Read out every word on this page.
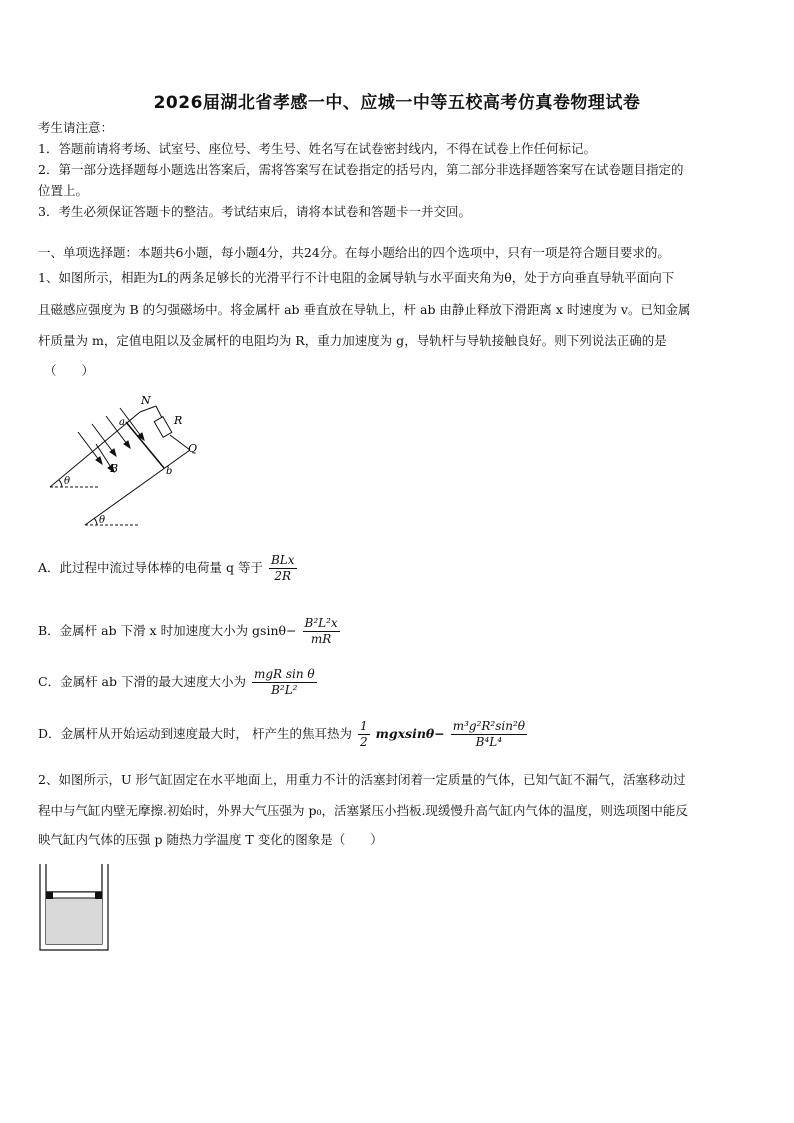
2026届湖北省孝感一中、应城一中等五校高考仿真卷物理试卷
考生请注意：
1．答题前请将考场、试室号、座位号、考生号、姓名写在试卷密封线内，不得在试卷上作任何标记。
2．第一部分选择题每小题选出答案后，需将答案写在试卷指定的括号内，第二部分非选择题答案写在试卷题目指定的
位置上。
3．考生必须保证答题卡的整洁。考试结束后，请将本试卷和答题卡一并交回。
一、单项选择题：本题共6小题，每小题4分，共24分。在每小题给出的四个选项中，只有一项是符合题目要求的。
1、如图所示，相距为L的两条足够长的光滑平行不计电阻的金属导轨与水平面夹角为θ，处于方向垂直导轨平面向下
且磁感应强度为 B 的匀强磁场中。将金属杆 ab 垂直放在导轨上，杆 ab 由静止释放下滑距离 x 时速度为 v。已知金属
杆质量为 m，定值电阻以及金属杆的电阻均为 R，重力加速度为 g，导轨杆与导轨接触良好。则下列说法正确的是
（　　）
N
R
Q
a
b
B
θ
θ
A．此过程中流过导体棒的电荷量 q 等于 $\frac{\text{BLx}}{2R}$
B．金属杆 ab 下滑 x 时加速度大小为 $gsin\theta- \frac{\text{B²L²x}}{mR}$
C．金属杆 ab 下滑的最大速度大小为 $\frac{\text{mgR sin θ}}{\text{B²L²}}$
D．金属杆从开始运动到速度最大时， 杆产生的焦耳热为 $\frac{1}{2} mgxsin\theta- \frac{\text{m³g²R²sin²θ}}{\text{B⁴L⁴}}$
2、如图所示，U 形气缸固定在水平地面上，用重力不计的活塞封闭着一定质量的气体，已知气缸不漏气，活塞移动过
程中与气缸内壁无摩擦.初始时，外界大气压强为 p₀，活塞紧压小挡板.现缓慢升高气缸内气体的温度，则选项图中能反
映气缸内气体的压强 p 随热力学温度 T 变化的图象是（　　）
